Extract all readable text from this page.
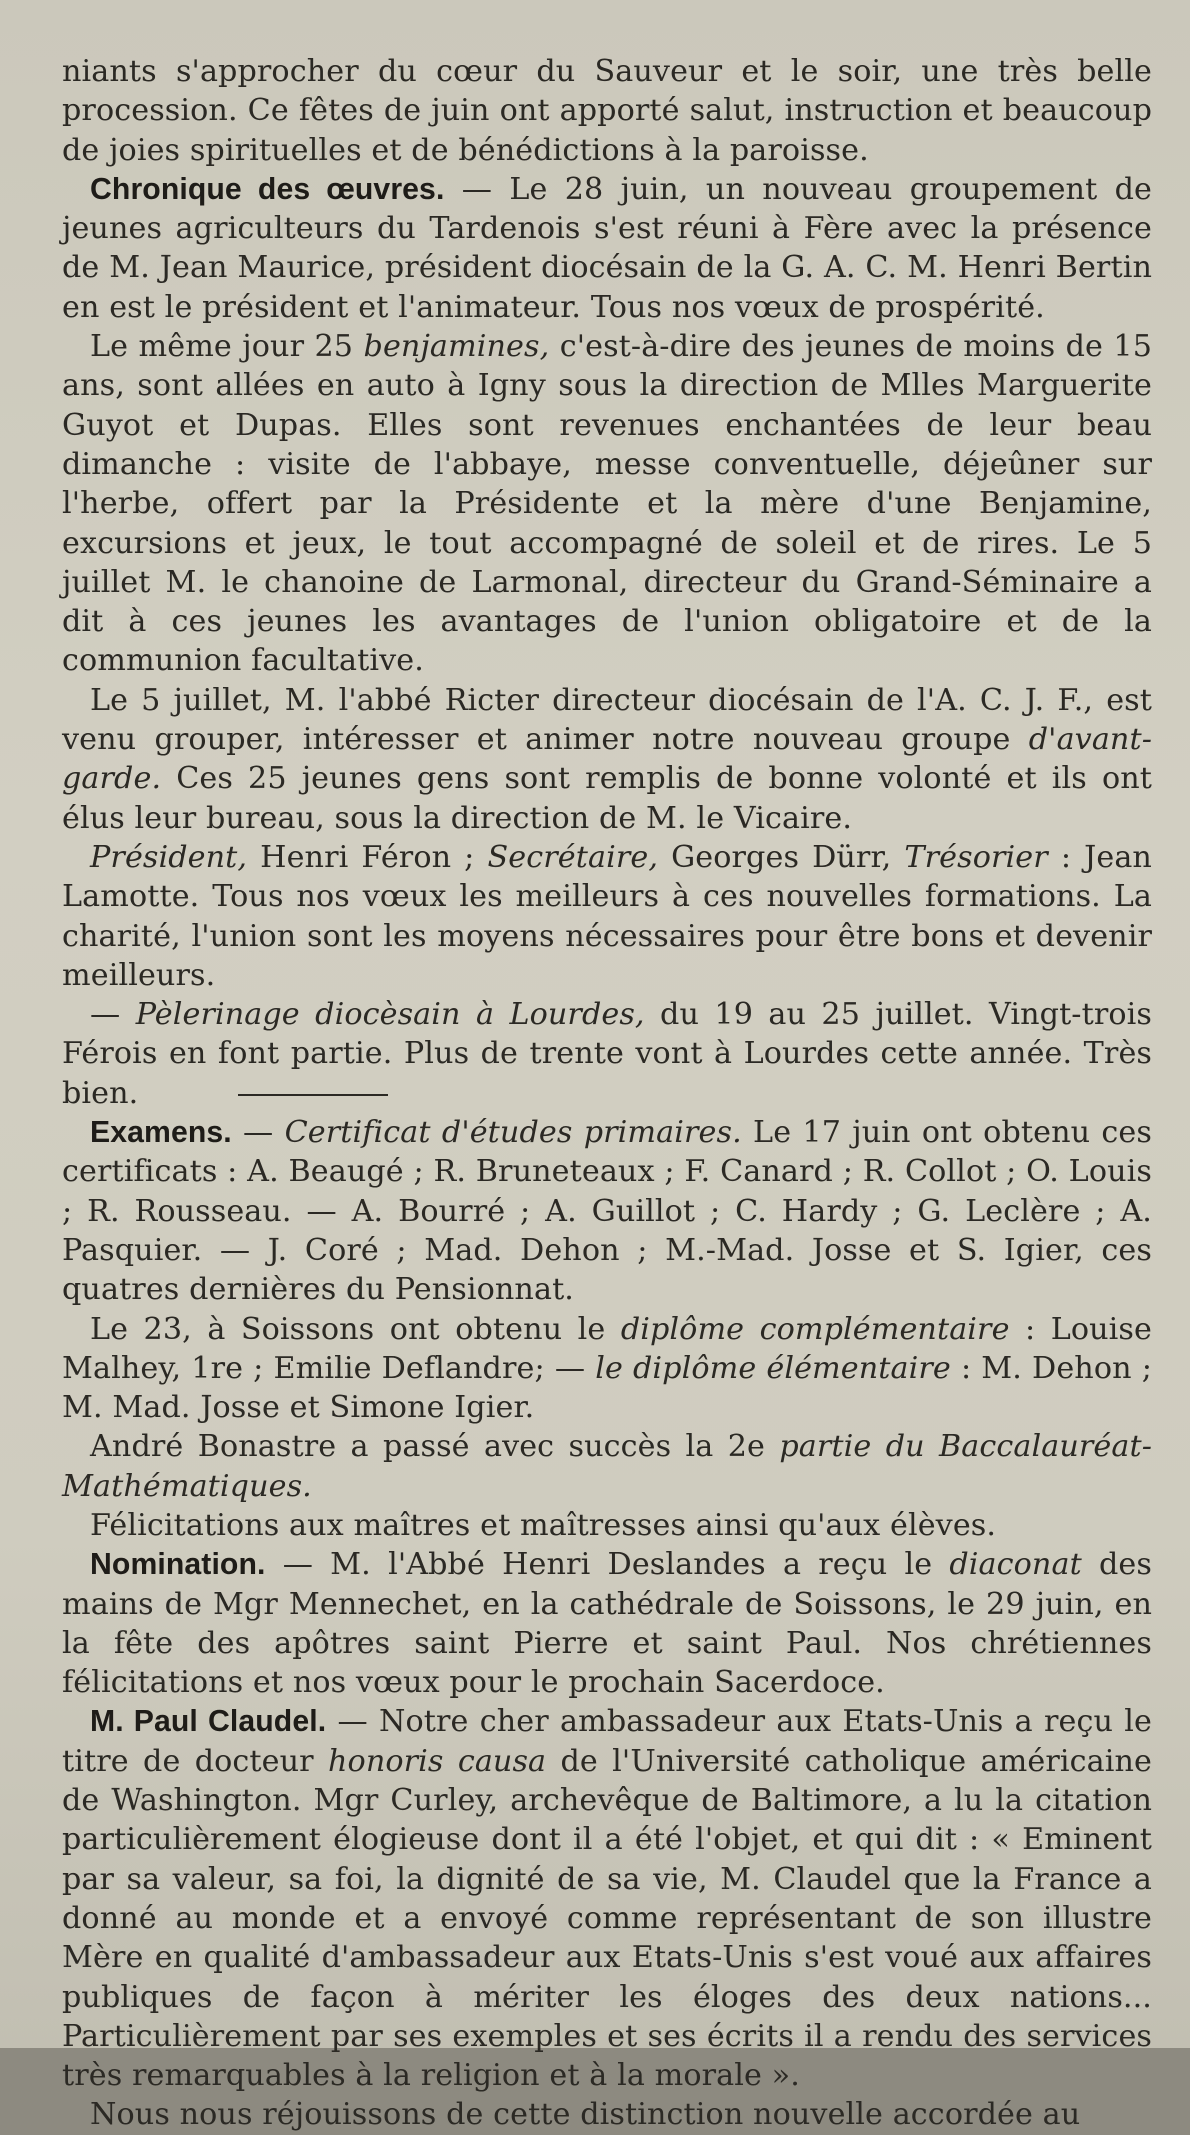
niants s'approcher du cœur du Sauveur et le soir, une très belle procession. Ce fêtes de juin ont apporté salut, instruction et beaucoup de joies spirituelles et de bénédictions à la paroisse.

Chronique des œuvres. — Le 28 juin, un nouveau groupement de jeunes agriculteurs du Tardenois s'est réuni à Fère avec la présence de M. Jean Maurice, président diocésain de la G. A. C. M. Henri Bertin en est le président et l'animateur. Tous nos vœux de prospérité.

Le même jour 25 benjamines, c'est-à-dire des jeunes de moins de 15 ans, sont allées en auto à Igny sous la direction de Mlles Marguerite Guyot et Dupas. Elles sont revenues enchantées de leur beau dimanche : visite de l'abbaye, messe conventuelle, déjeûner sur l'herbe, offert par la Présidente et la mère d'une Benjamine, excursions et jeux, le tout accompagné de soleil et de rires. Le 5 juillet M. le chanoine de Larmonal, directeur du Grand-Séminaire a dit à ces jeunes les avantages de l'union obligatoire et de la communion facultative.

Le 5 juillet, M. l'abbé Ricter directeur diocésain de l'A. C. J. F., est venu grouper, intéresser et animer notre nouveau groupe d'avant-garde. Ces 25 jeunes gens sont remplis de bonne volonté et ils ont élus leur bureau, sous la direction de M. le Vicaire.

Président, Henri Féron ; Secrétaire, Georges Dürr, Trésorier : Jean Lamotte. Tous nos vœux les meilleurs à ces nouvelles formations. La charité, l'union sont les moyens nécessaires pour être bons et devenir meilleurs.

— Pèlerinage diocèsain à Lourdes, du 19 au 25 juillet. Vingt-trois Férois en font partie. Plus de trente vont à Lourdes cette année. Très bien.

Examens. — Certificat d'études primaires. Le 17 juin ont obtenu ces certificats : A. Beaugé ; R. Bruneteaux ; F. Canard ; R. Collot ; O. Louis ; R. Rousseau. — A. Bourré ; A. Guillot ; C. Hardy ; G. Leclère ; A. Pasquier. — J. Coré ; Mad. Dehon ; M.-Mad. Josse et S. Igier, ces quatres dernières du Pensionnat.

Le 23, à Soissons ont obtenu le diplôme complémentaire : Louise Malhey, 1re ; Emilie Deflandre; — le diplôme élémentaire : M. Dehon ; M. Mad. Josse et Simone Igier.

André Bonastre a passé avec succès la 2e partie du Baccalauréat-Mathématiques.

Félicitations aux maîtres et maîtresses ainsi qu'aux élèves.

Nomination. — M. l'Abbé Henri Deslandes a reçu le diaconat des mains de Mgr Mennechet, en la cathédrale de Soissons, le 29 juin, en la fête des apôtres saint Pierre et saint Paul. Nos chrétiennes félicitations et nos vœux pour le prochain Sacerdoce.

M. Paul Claudel. — Notre cher ambassadeur aux Etats-Unis a reçu le titre de docteur honoris causa de l'Université catholique américaine de Washington. Mgr Curley, archevêque de Baltimore, a lu la citation particulièrement élogieuse dont il a été l'objet, et qui dit : « Eminent par sa valeur, sa foi, la dignité de sa vie, M. Claudel que la France a donné au monde et a envoyé comme représentant de son illustre Mère en qualité d'ambassadeur aux Etats-Unis s'est voué aux affaires publiques de façon à mériter les éloges des deux nations... Particulièrement par ses exemples et ses écrits il a rendu des services très remarquables à la religion et à la morale ».

Nous nous réjouissons de cette distinction nouvelle accordée au
